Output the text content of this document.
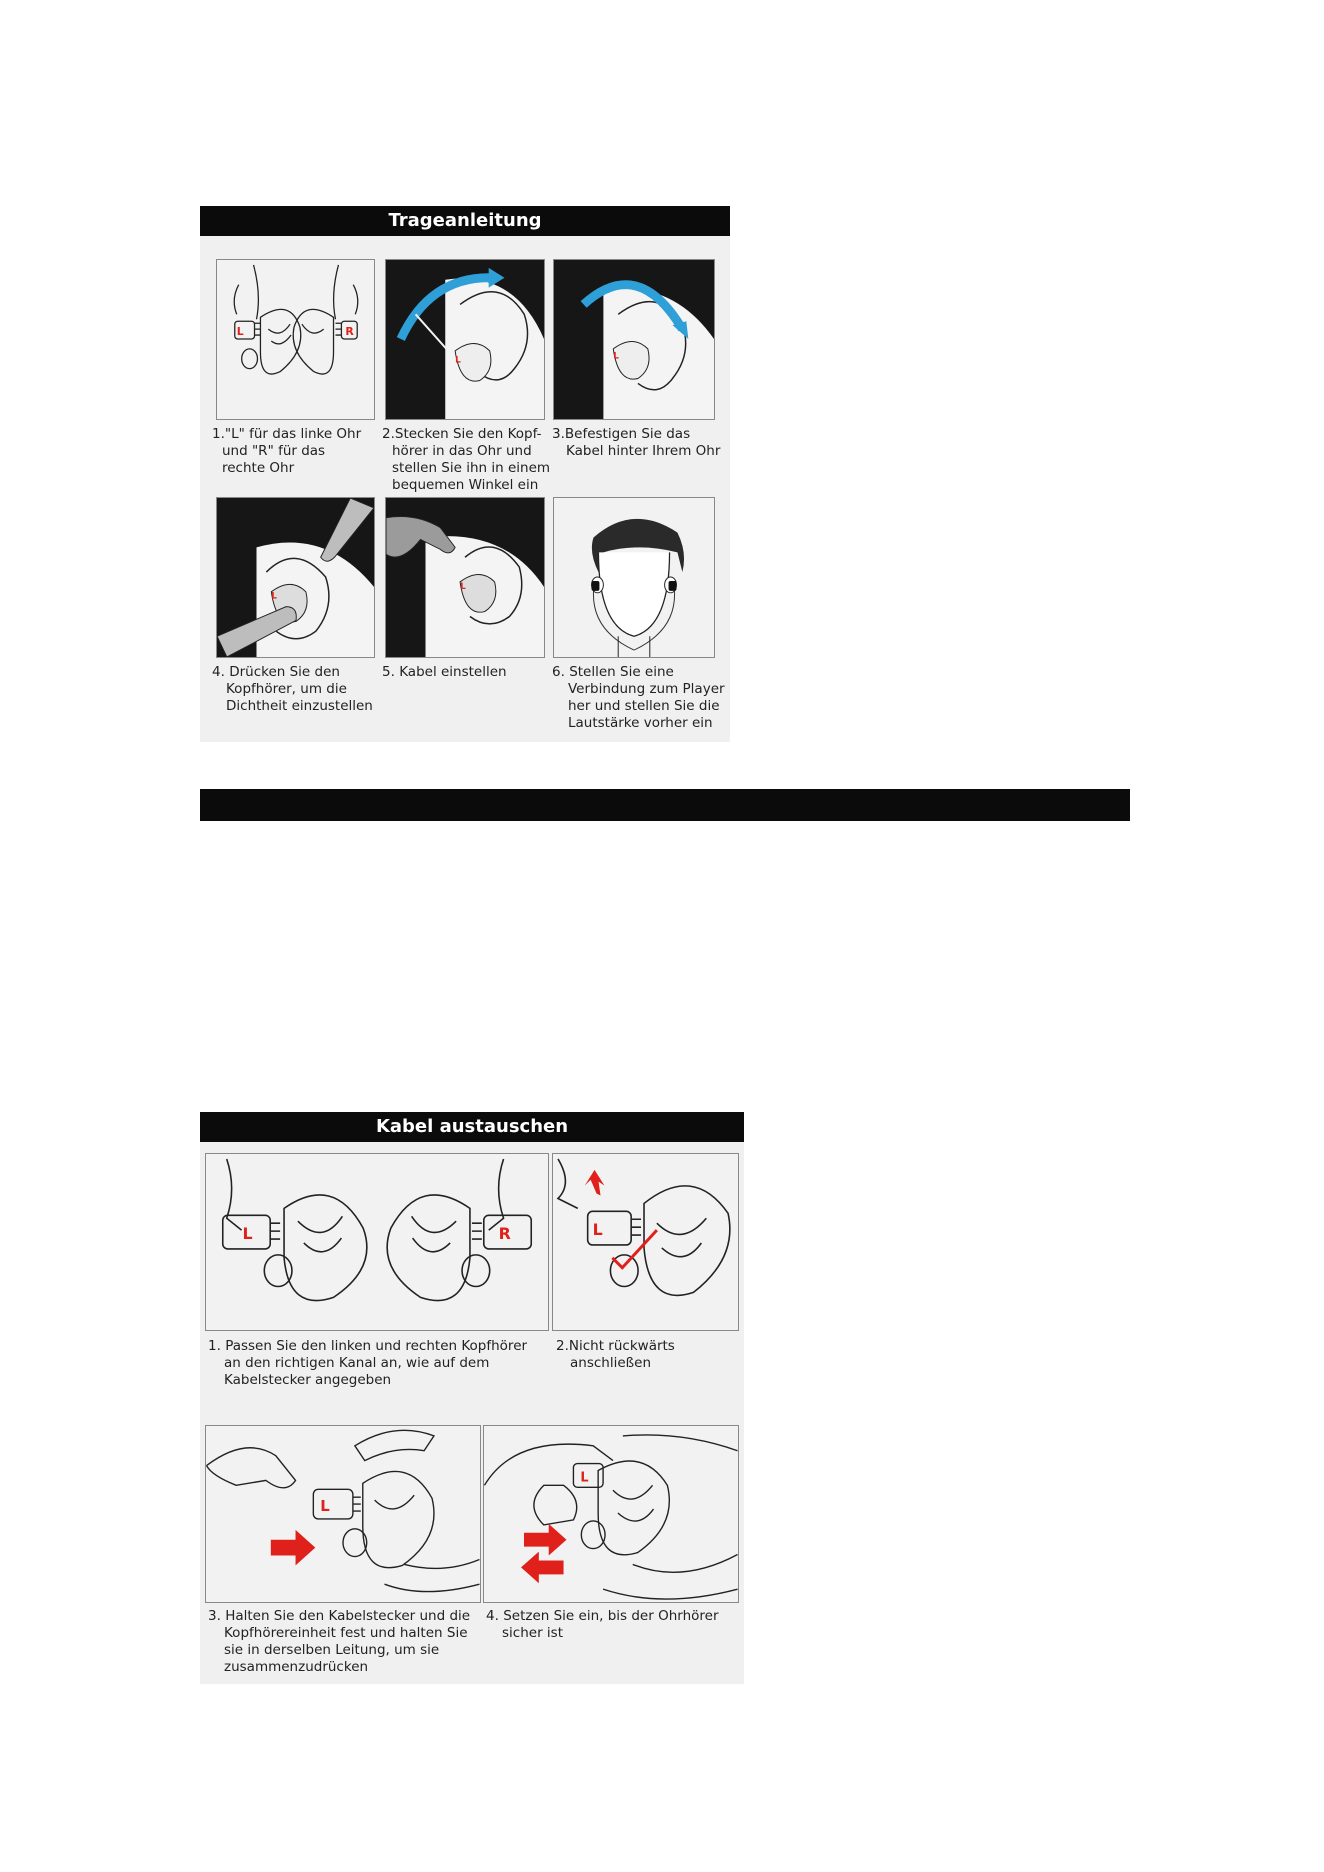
Trageanleitung
L	R
1."L" für das linke Ohr
und "R" für das
rechte Ohr
L
2.Stecken Sie den Kopf-
hörer in das Ohr und
stellen Sie ihn in einem
bequemen Winkel ein
L
3.Befestigen Sie das
Kabel hinter Ihrem Ohr
L
4. Drücken Sie den
Kopfhörer, um die
Dichtheit einzustellen
L
5. Kabel einstellen	6. Stellen Sie eine
Verbindung zum Player
her und stellen Sie die
Lautstärke vorher ein
Kabel austauschen
L	R
1. Passen Sie den linken und rechten Kopfhörer
an den richtigen Kanal an, wie auf dem
Kabelstecker angegeben
L
2.Nicht rückwärts
anschließen
L
3. Halten Sie den Kabelstecker und die
Kopfhörereinheit fest und halten Sie
sie in derselben Leitung, um sie
zusammenzudrücken
L
4. Setzen Sie ein, bis der Ohrhörer
sicher ist
